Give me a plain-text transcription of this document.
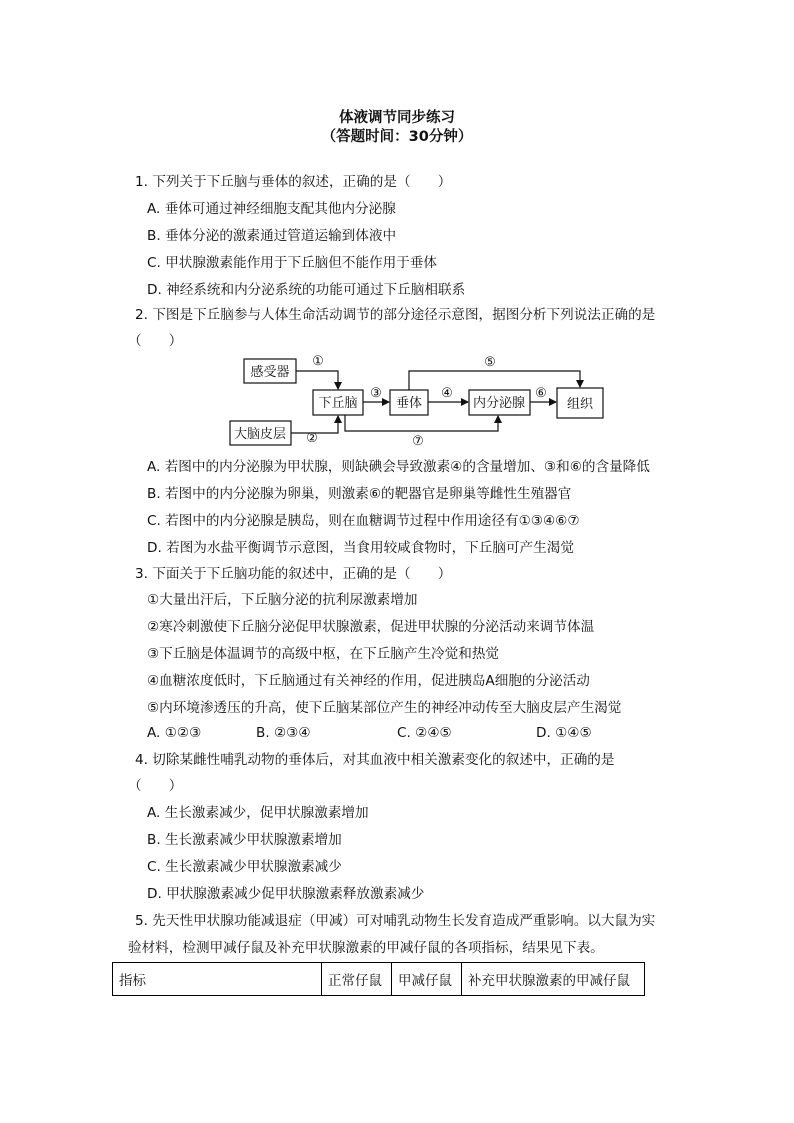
体液调节同步练习
（答题时间：30分钟）
1. 下列关于下丘脑与垂体的叙述，正确的是（　　）
A. 垂体可通过神经细胞支配其他内分泌腺
B. 垂体分泌的激素通过管道运输到体液中
C. 甲状腺激素能作用于下丘脑但不能作用于垂体
D. 神经系统和内分泌系统的功能可通过下丘脑相联系
2. 下图是下丘脑参与人体生命活动调节的部分途径示意图，据图分析下列说法正确的是
（　　）
感受器
大脑皮层
下丘脑	垂体	内分泌腺	组织
①
②
③	④
⑤
⑥
⑦
A. 若图中的内分泌腺为甲状腺，则缺碘会导致激素④的含量增加、③和⑥的含量降低
B. 若图中的内分泌腺为卵巢，则激素⑥的靶器官是卵巢等雌性生殖器官
C. 若图中的内分泌腺是胰岛，则在血糖调节过程中作用途径有①③④⑥⑦
D. 若图为水盐平衡调节示意图，当食用较咸食物时，下丘脑可产生渴觉
3. 下面关于下丘脑功能的叙述中，正确的是（　　）
①大量出汗后，下丘脑分泌的抗利尿激素增加
②寒冷刺激使下丘脑分泌促甲状腺激素，促进甲状腺的分泌活动来调节体温
③下丘脑是体温调节的高级中枢，在下丘脑产生冷觉和热觉
④血糖浓度低时，下丘脑通过有关神经的作用，促进胰岛A细胞的分泌活动
⑤内环境渗透压的升高，使下丘脑某部位产生的神经冲动传至大脑皮层产生渴觉
A. ①②③	B. ②③④	C. ②④⑤	D. ①④⑤
4. 切除某雌性哺乳动物的垂体后，对其血液中相关激素变化的叙述中，正确的是
（　　）
A. 生长激素减少，促甲状腺激素增加
B. 生长激素减少甲状腺激素增加
C. 生长激素减少甲状腺激素减少
D. 甲状腺激素减少促甲状腺激素释放激素减少
5. 先天性甲状腺功能减退症（甲减）可对哺乳动物生长发育造成严重影响。以大鼠为实
验材料，检测甲减仔鼠及补充甲状腺激素的甲减仔鼠的各项指标，结果见下表。
指标	正常仔鼠	甲减仔鼠	补充甲状腺激素的甲减仔鼠
